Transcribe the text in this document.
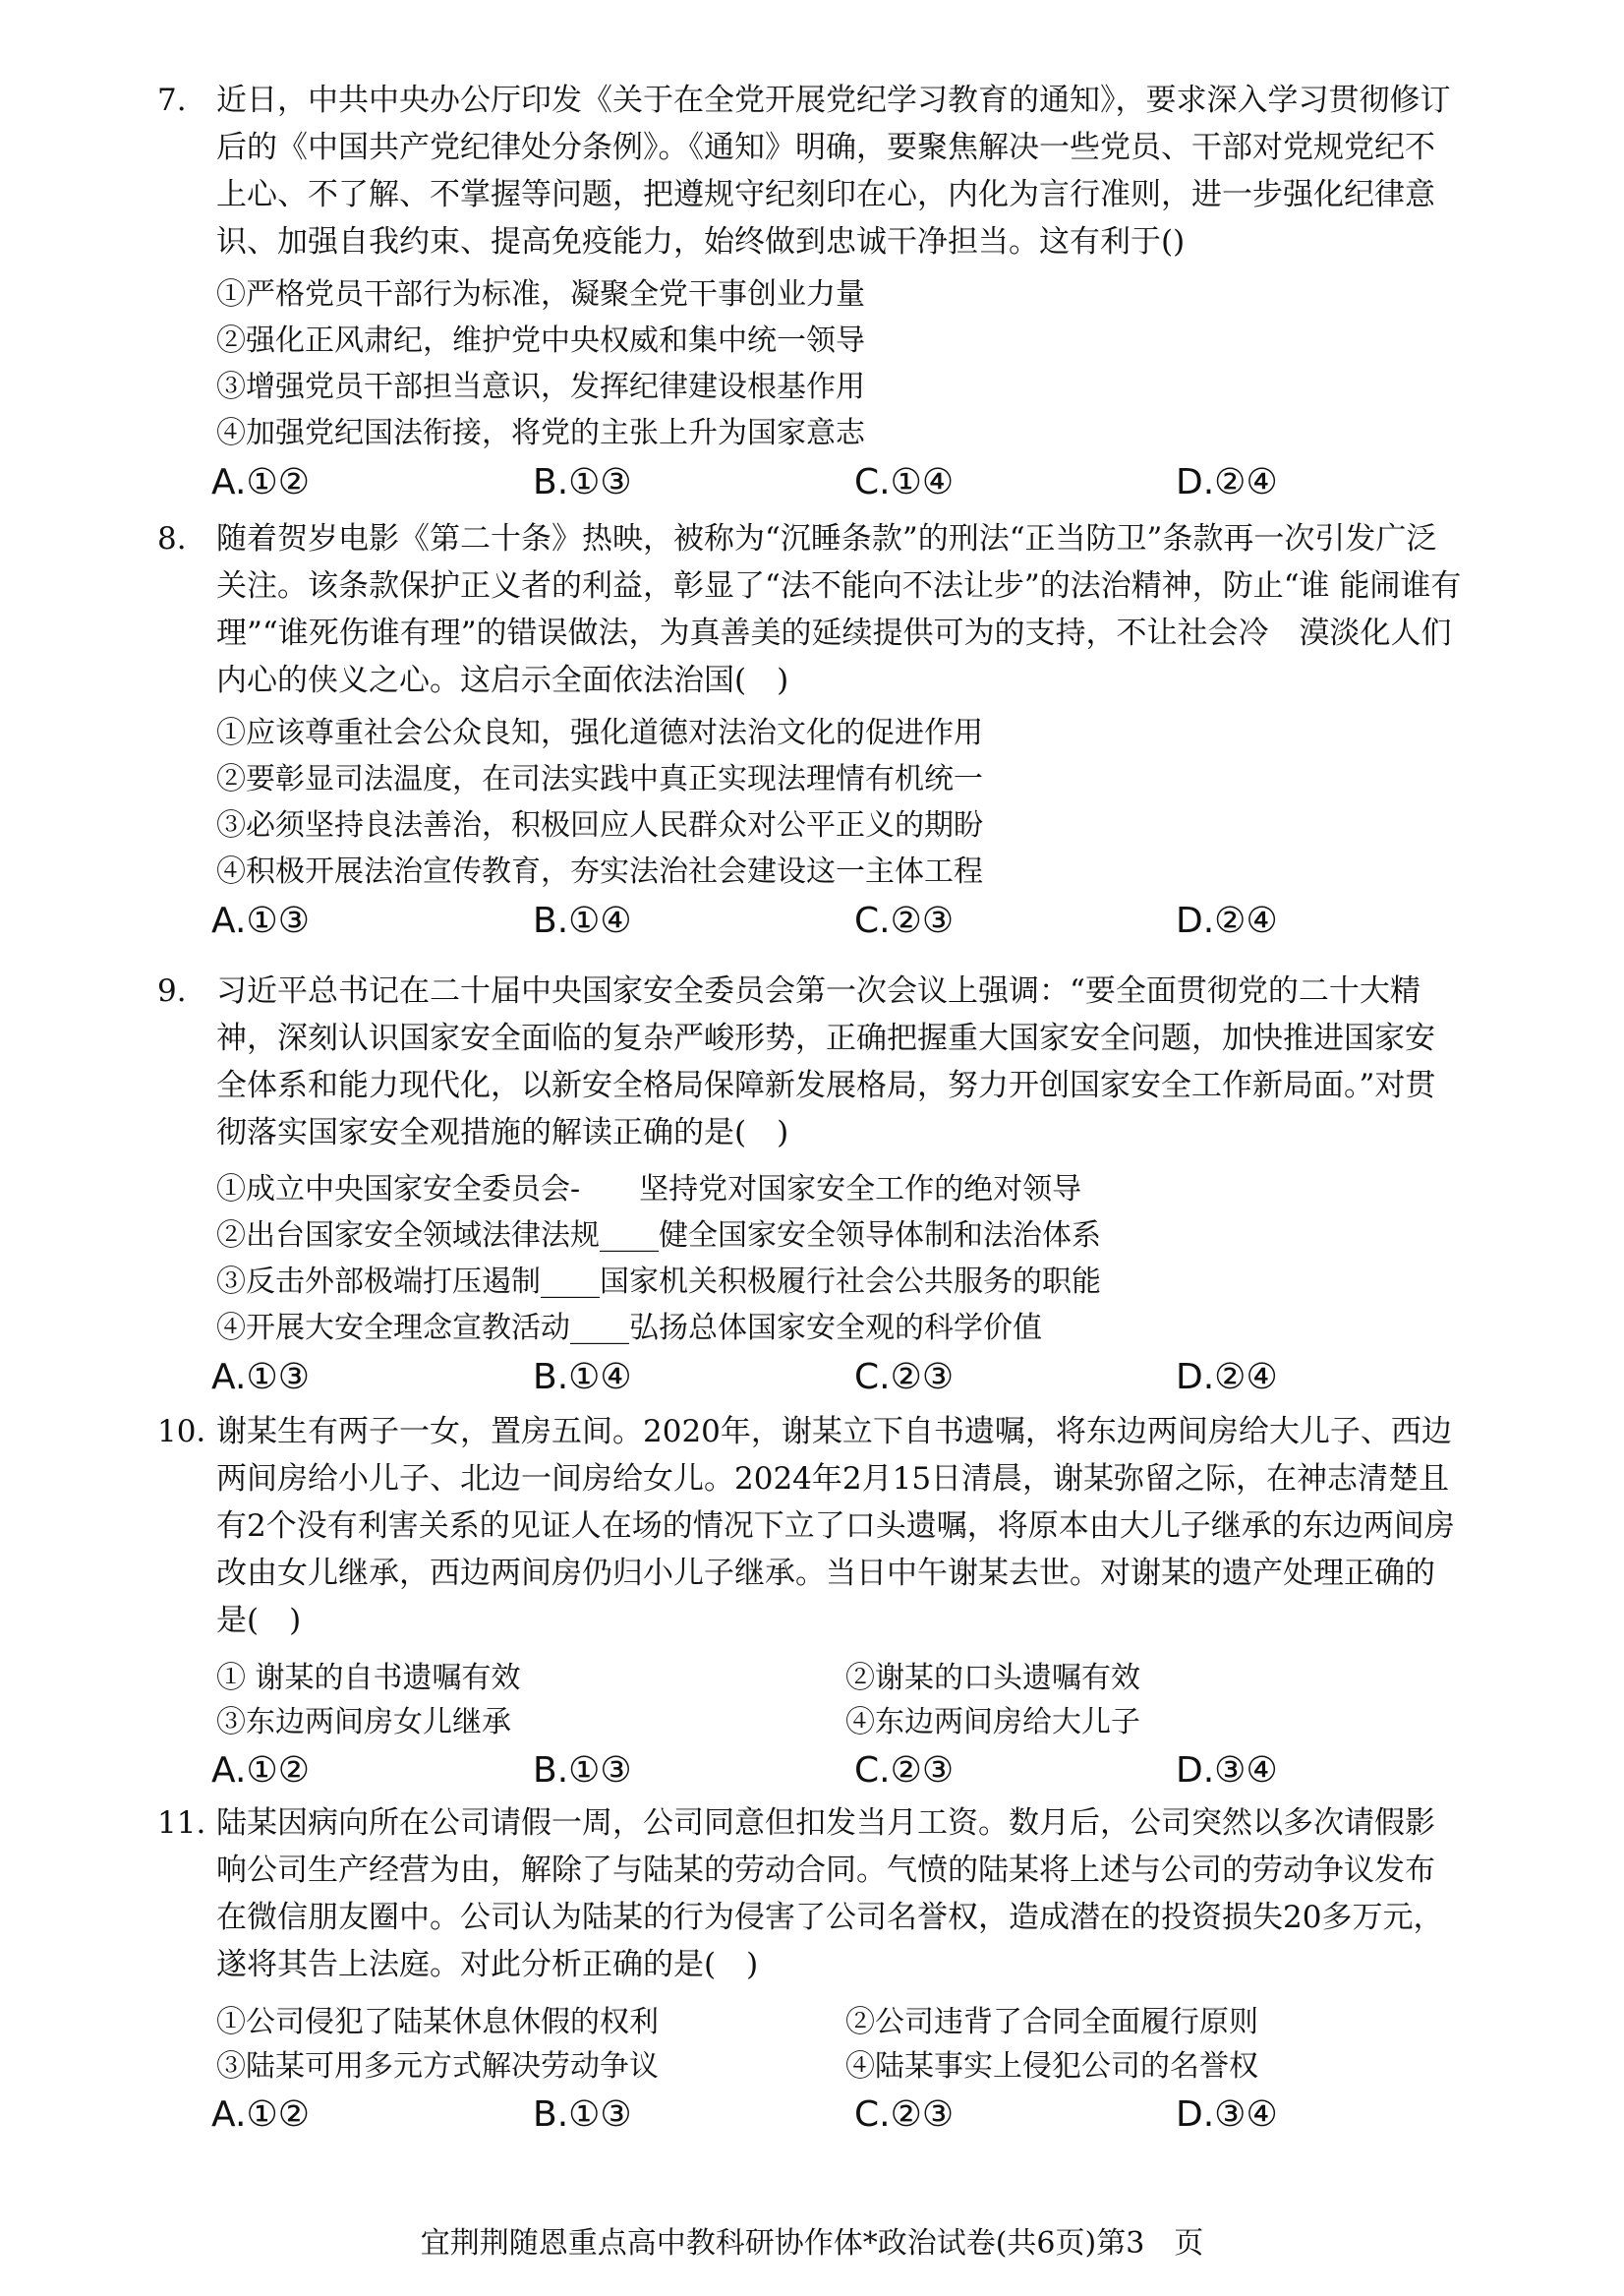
7. 近日，中共中央办公厅印发《关于在全党开展党纪学习教育的通知》，要求深入学习贯彻修订后的《中国共产党纪律处分条例》。《通知》明确，要聚焦解决一些党员、干部对党规党纪不上心、不了解、不掌握等问题，把遵规守纪刻印在心，内化为言行准则，进一步强化纪律意识、加强自我约束、提高免疫能力，始终做到忠诚干净担当。这有利于()
①严格党员干部行为标准，凝聚全党干事创业力量
②强化正风肃纪，维护党中央权威和集中统一领导
③增强党员干部担当意识，发挥纪律建设根基作用
④加强党纪国法衔接，将党的主张上升为国家意志
A.①②	B.①③	C.①④	D.②④
8. 随着贺岁电影《第二十条》热映，被称为“沉睡条款”的刑法“正当防卫”条款再一次引发广泛关注。该条款保护正义者的利益，彰显了“法不能向不法让步”的法治精神，防止“谁 能闹谁有理”“谁死伤谁有理”的错误做法，为真善美的延续提供可为的支持，不让社会冷　漠淡化人们内心的侠义之心。这启示全面依法治国(　)
①应该尊重社会公众良知，强化道德对法治文化的促进作用
②要彰显司法温度，在司法实践中真正实现法理情有机统一
③必须坚持良法善治，积极回应人民群众对公平正义的期盼
④积极开展法治宣传教育，夯实法治社会建设这一主体工程
A.①③	B.①④	C.②③	D.②④
9. 习近平总书记在二十届中央国家安全委员会第一次会议上强调：“要全面贯彻党的二十大精神，深刻认识国家安全面临的复杂严峻形势，正确把握重大国家安全问题，加快推进国家安全体系和能力现代化，以新安全格局保障新发展格局，努力开创国家安全工作新局面。”对贯彻落实国家安全观措施的解读正确的是(　)
①成立中央国家安全委员会-　　坚持党对国家安全工作的绝对领导
②出台国家安全领域法律法规____健全国家安全领导体制和法治体系
③反击外部极端打压遏制____国家机关积极履行社会公共服务的职能
④开展大安全理念宣教活动____弘扬总体国家安全观的科学价值
A.①③	B.①④	C.②③	D.②④
10．
谢某生有两子一女，置房五间。2020年，谢某立下自书遗嘱，将东边两间房给大儿子、西边两间房给小儿子、北边一间房给女儿。2024年2月15日清晨，谢某弥留之际，在神志清楚且有2个没有利害关系的见证人在场的情况下立了口头遗嘱，将原本由大儿子继承的东边两间房改由女儿继承，西边两间房仍归小儿子继承。当日中午谢某去世。对谢某的遗产处理正确的是(　)
① 谢某的自书遗嘱有效	②谢某的口头遗嘱有效
③东边两间房女儿继承	④东边两间房给大儿子
A.①②	B.①③	C.②③	D.③④
11. 陆某因病向所在公司请假一周，公司同意但扣发当月工资。数月后，公司突然以多次请假影响公司生产经营为由，解除了与陆某的劳动合同。气愤的陆某将上述与公司的劳动争议发布在微信朋友圈中。公司认为陆某的行为侵害了公司名誉权，造成潜在的投资损失20多万元，遂将其告上法庭。对此分析正确的是(　)
①公司侵犯了陆某休息休假的权利	②公司违背了合同全面履行原则
③陆某可用多元方式解决劳动争议	④陆某事实上侵犯公司的名誉权
A.①②	B.①③	C.②③	D.③④
宜荆荆随恩重点高中教科研协作体*政治试卷(共6页)第3　页
